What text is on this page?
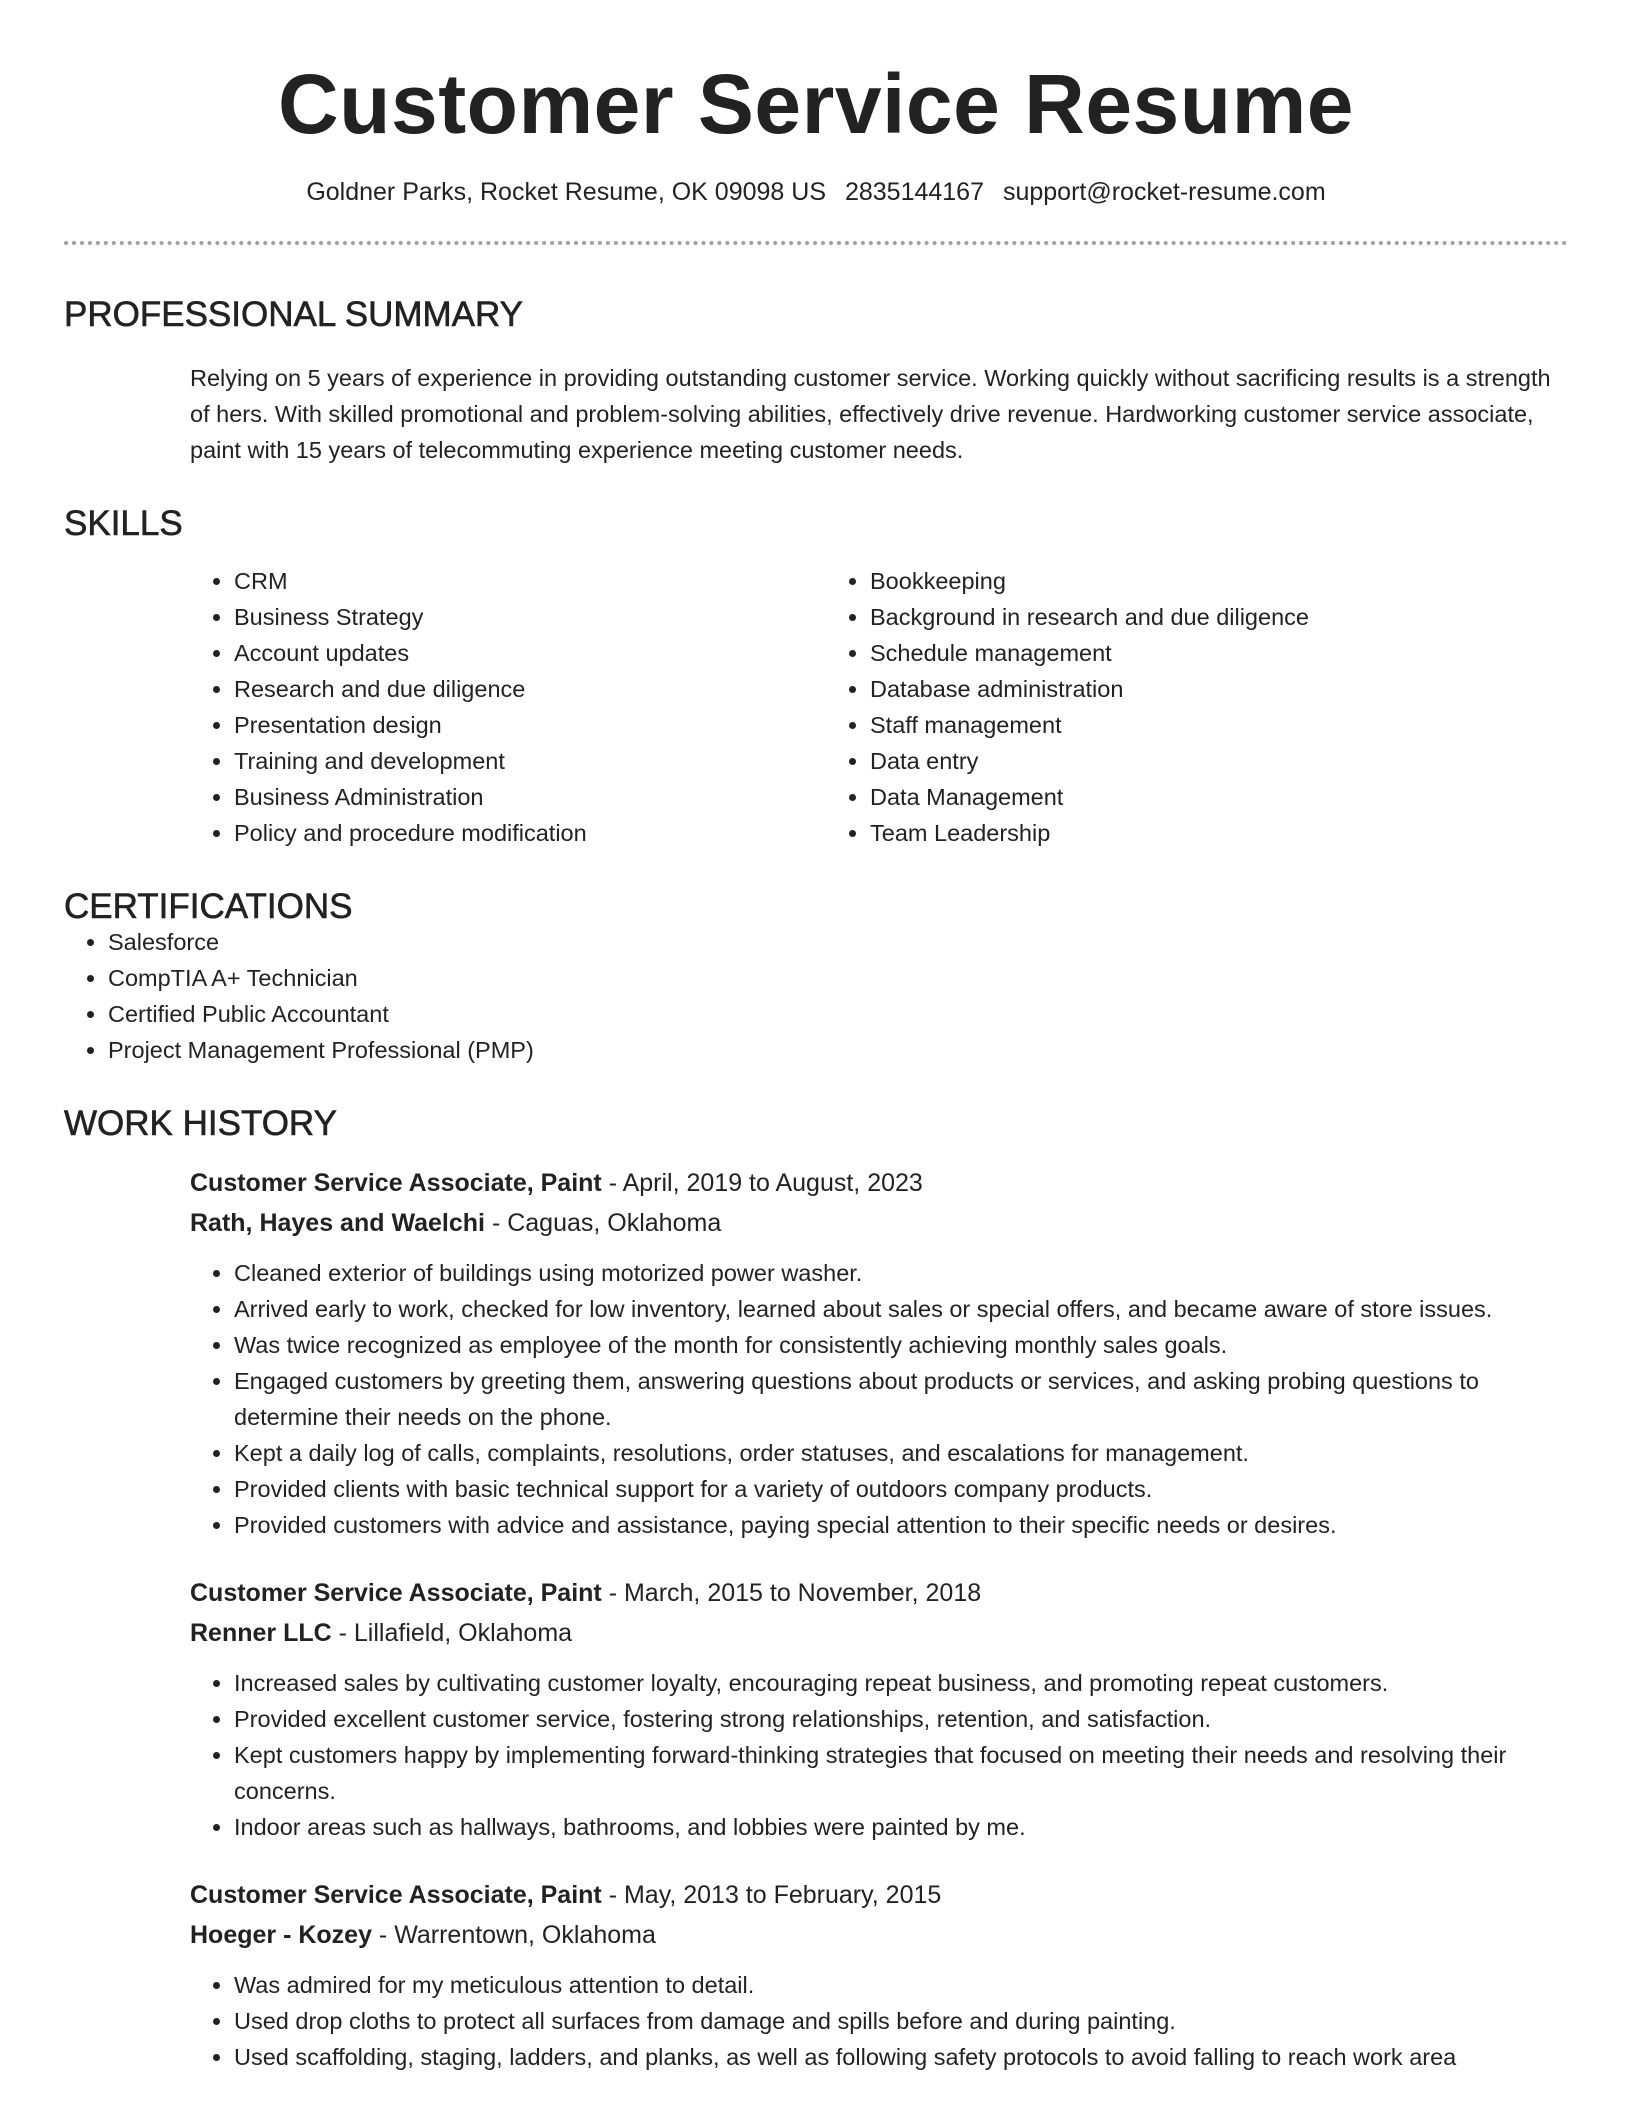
Customer Service Resume
Goldner Parks, Rocket Resume, OK 09098 US 2835144167 support@rocket-resume.com
PROFESSIONAL SUMMARY

Relying on 5 years of experience in providing outstanding customer service. Working quickly without sacrificing results is a strength of hers. With skilled promotional and problem-solving abilities, effectively drive revenue. Hardworking customer service associate, paint with 15 years of telecommuting experience meeting customer needs.

SKILLS
• CRM
• Business Strategy
• Account updates
• Research and due diligence
• Presentation design
• Training and development
• Business Administration
• Policy and procedure modification
• Bookkeeping
• Background in research and due diligence
• Schedule management
• Database administration
• Staff management
• Data entry
• Data Management
• Team Leadership
CERTIFICATIONS
• Salesforce
• CompTIA A+ Technician
• Certified Public Accountant
• Project Management Professional (PMP)
WORK HISTORY
Customer Service Associate, Paint - April, 2019 to August, 2023
Rath, Hayes and Waelchi - Caguas, Oklahoma
• Cleaned exterior of buildings using motorized power washer.
• Arrived early to work, checked for low inventory, learned about sales or special offers, and became aware of store issues.
• Was twice recognized as employee of the month for consistently achieving monthly sales goals.
• Engaged customers by greeting them, answering questions about products or services, and asking probing questions to determine their needs on the phone.
• Kept a daily log of calls, complaints, resolutions, order statuses, and escalations for management.
• Provided clients with basic technical support for a variety of outdoors company products.
• Provided customers with advice and assistance, paying special attention to their specific needs or desires.
Customer Service Associate, Paint - March, 2015 to November, 2018
Renner LLC - Lillafield, Oklahoma
• Increased sales by cultivating customer loyalty, encouraging repeat business, and promoting repeat customers.
• Provided excellent customer service, fostering strong relationships, retention, and satisfaction.
• Kept customers happy by implementing forward-thinking strategies that focused on meeting their needs and resolving their concerns.
• Indoor areas such as hallways, bathrooms, and lobbies were painted by me.
Customer Service Associate, Paint - May, 2013 to February, 2015
Hoeger - Kozey - Warrentown, Oklahoma
• Was admired for my meticulous attention to detail.
• Used drop cloths to protect all surfaces from damage and spills before and during painting.
• Used scaffolding, staging, ladders, and planks, as well as following safety protocols to avoid falling to reach work area
